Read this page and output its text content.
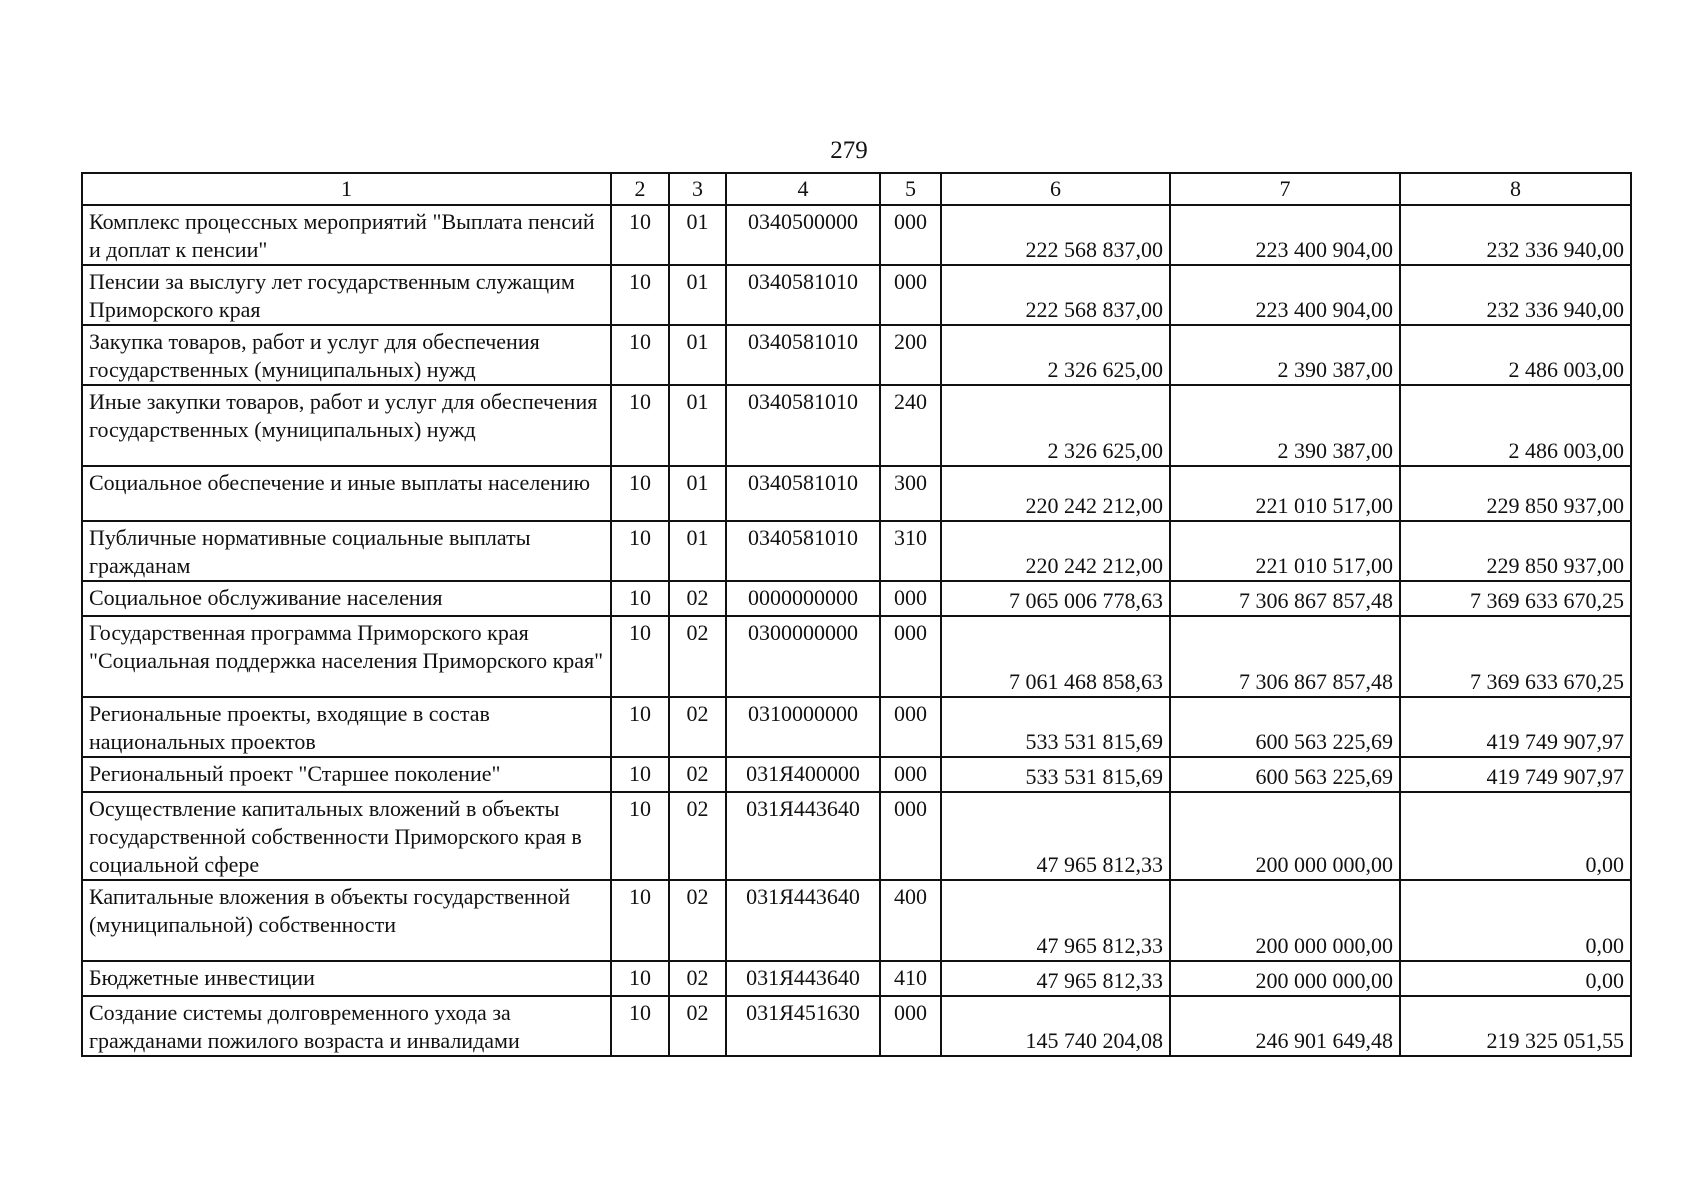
279
1	2	3	4	5	6	7	8
Комплекс процессных мероприятий "Выплата пенсий и доплат к пенсии"	10	01	0340500000	000	222 568 837,00	223 400 904,00	232 336 940,00
Пенсии за выслугу лет государственным служащим Приморского края	10	01	0340581010	000	222 568 837,00	223 400 904,00	232 336 940,00
Закупка товаров, работ и услуг для обеспечения государственных (муниципальных) нужд	10	01	0340581010	200	2 326 625,00	2 390 387,00	2 486 003,00
Иные закупки товаров, работ и услуг для обеспечения государственных (муниципальных) нужд	10	01	0340581010	240	2 326 625,00	2 390 387,00	2 486 003,00
Социальное обеспечение и иные выплаты населению	10	01	0340581010	300	220 242 212,00	221 010 517,00	229 850 937,00
Публичные нормативные социальные выплаты гражданам	10	01	0340581010	310	220 242 212,00	221 010 517,00	229 850 937,00
Социальное обслуживание населения	10	02	0000000000	000	7 065 006 778,63	7 306 867 857,48	7 369 633 670,25
Государственная программа Приморского края "Социальная поддержка населения Приморского края"	10	02	0300000000	000	7 061 468 858,63	7 306 867 857,48	7 369 633 670,25
Региональные проекты, входящие в состав национальных проектов	10	02	0310000000	000	533 531 815,69	600 563 225,69	419 749 907,97
Региональный проект "Старшее поколение"	10	02	031Я400000	000	533 531 815,69	600 563 225,69	419 749 907,97
Осуществление капитальных вложений в объекты государственной собственности Приморского края в социальной сфере	10	02	031Я443640	000	47 965 812,33	200 000 000,00	0,00
Капитальные вложения в объекты государственной (муниципальной) собственности	10	02	031Я443640	400	47 965 812,33	200 000 000,00	0,00
Бюджетные инвестиции	10	02	031Я443640	410	47 965 812,33	200 000 000,00	0,00
Создание системы долговременного ухода за гражданами пожилого возраста и инвалидами	10	02	031Я451630	000	145 740 204,08	246 901 649,48	219 325 051,55
